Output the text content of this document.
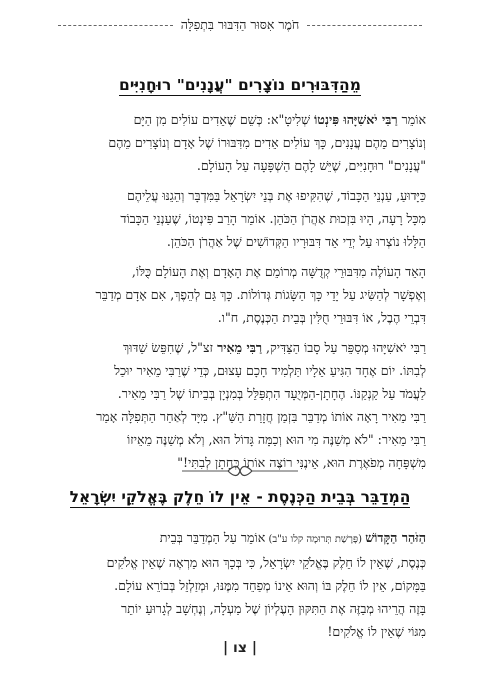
חֹמֶר אִסּוּר הַדִּבּוּר בִּתְפִלָּה
מֵהַדִּבּוּרִים נוֹצָרִים "עֲנָנִים" רוּחָנִיִּים

אוֹמֵר רַבִּי יֹאשִׁיָּהוּ פִּינְטוֹ שְׁלִיטָ"א: כְּשֵׁם שֶׁאֵדִים עוֹלִים מִן הַיָּם
וְנוֹצָרִים מֵהֶם עֲנָנִים, כָּךְ עוֹלִים אֵדִים מִדִּבּוּרוֹ שֶׁל אָדָם וְנוֹצָרִים מֵהֶם
"עֲנָנִים" רוּחָנִיִּים, שֶׁיֵּשׁ לָהֶם הַשְׁפָּעָה עַל הָעוֹלָם.

כַּיָּדוּעַ, עַנְנֵי הַכָּבוֹד, שֶׁהִקִּיפוּ אֶת בְּנֵי יִשְׂרָאֵל בַּמִּדְבָּר וְהֵגֵנּוּ עֲלֵיהֶם
מִכָּל רָעָה, הָיוּ בִּזְכוּת אַהֲרֹן הַכֹּהֵן. אוֹמֵר הָרַב פִּינְטוֹ, שֶׁעַנְנֵי הַכָּבוֹד
הַלָּלוּ נוֹצְרוּ עַל יְדֵי אֵד דִּבּוּרָיו הַקְּדוֹשִׁים שֶׁל אַהֲרֹן הַכֹּהֵן.

הָאֵד הָעוֹלֶה מִדִּבּוּרֵי קְדֻשָּׁה מְרוֹמֵם אֶת הָאָדָם וְאֶת הָעוֹלָם כֻּלּוֹ,
וְאֶפְשָׁר לְהַשִּׂיג עַל יָדֵי כָּךְ הַשָּׂגוֹת גְּדוֹלוֹת. כָּךְ גַּם לְהֵפֶךְ, אִם אָדָם מְדַבֵּר
דִּבְרֵי הֶבֶל, אוֹ דִּבּוּרֵי חֻלִּין בְּבֵית הַכְּנֶסֶת, ח"ו.

רַבִּי יֹאשִׁיָּהוּ מְסַפֵּר עַל סָבוֹ הַצַּדִּיק, רַבִּי מֵאִיר זצ"ל, שֶׁחִפֵּשׂ שַׁדּוּךְ
לְבִתּוֹ. יוֹם אֶחָד הִגִּיעַ אֵלָיו תַּלְמִיד חָכָם עָצוּם, כְּדֵי שֶׁרַבִּי מֵאִיר יוּכַל
לַעֲמֹד עַל קַנְקַנּוֹ. הֶחָתָן-הַמְּיֻעָד הִתְפַּלֵּל בְּמִנְיָן בְּבֵיתוֹ שֶׁל רַבִּי מֵאִיר.
רַבִּי מֵאִיר רָאָה אוֹתוֹ מְדַבֵּר בִּזְמַן חֲזָרַת הַשַּׁ"ץ. מִיָּד לְאַחַר הַתְּפִלָּה אָמַר
רַבִּי מֵאִיר: "לֹא מְשַׁנֶּה מִי הוּא וְכַמָּה גָּדוֹל הוּא, וְלֹא מְשַׁנֶּה מֵאֵיזוֹ
מִשְׁפָּחָה מְפֹאֶרֶת הוּא, אֵינֶנִּי רוֹצֶה אוֹתוֹ כְּחָתָן לְבִתִּי!"

הַמְדַבֵּר בְּבֵית הַכְּנֶסֶת - אֵין לוֹ חֵלֶק בֶּאֱלֹקֵי יִשְׂרָאֵל

הַזֹּהַר הַקָּדוֹשׁ (פָּרָשַׁת תְּרוּמָה קלו ע"ב) אוֹמֵר עַל הַמְדַבֵּר בְּבֵית
כְּנֶסֶת, שֶׁאֵין לוֹ חֵלֶק בֶּאֱלֹקֵי יִשְׂרָאֵל, כִּי בְּכָךְ הוּא מַרְאֶה שֶׁאֵין אֱלֹקִים
בַּמָּקוֹם, אֵין לוֹ חֵלֶק בּוֹ וְהוּא אֵינוֹ מְפַחֵד מִמֶּנּוּ, וּמְזַלְזֵל בְּבוֹרֵא עוֹלָם.
בָּזֶה הֲרֵיהוּ מְבַזֶּה אֶת הַתִּקּוּן הָעֶלְיוֹן שֶׁל מַעְלָה, וְנֶחְשָׁב לְגָרוּעַ יוֹתֵר
מִגּוֹי שֶׁאֵין לוֹ אֱלֹקִים!

| צו |
